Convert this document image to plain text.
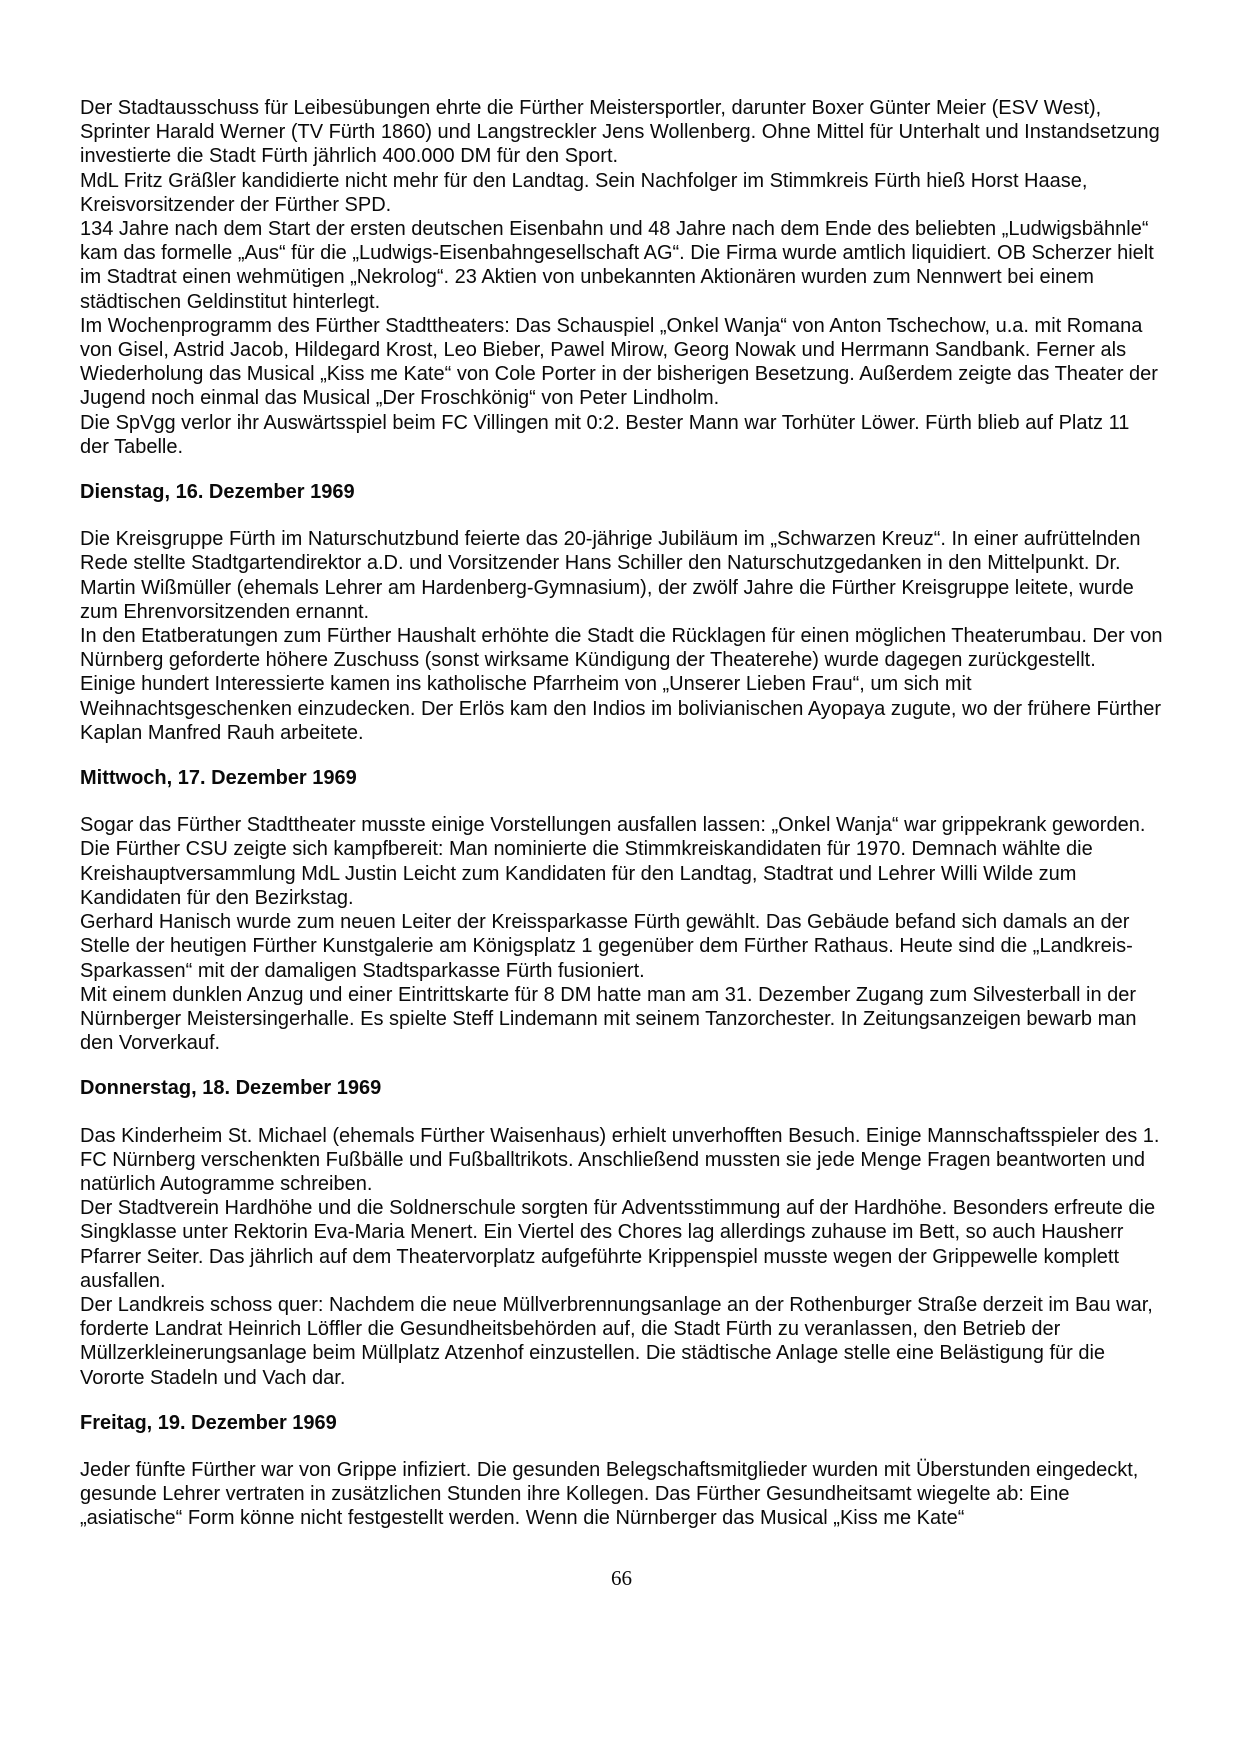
Der Stadtausschuss für Leibesübungen ehrte die Fürther Meistersportler, darunter Boxer Günter Meier (ESV West), Sprinter Harald Werner (TV Fürth 1860) und Langstreckler Jens Wollenberg. Ohne Mittel für Unterhalt und Instandsetzung investierte die Stadt Fürth jährlich 400.000 DM für den Sport.

MdL Fritz Gräßler kandidierte nicht mehr für den Landtag. Sein Nachfolger im Stimmkreis Fürth hieß Horst Haase, Kreisvorsitzender der Fürther SPD.

134 Jahre nach dem Start der ersten deutschen Eisenbahn und 48 Jahre nach dem Ende des beliebten „Ludwigsbähnle“ kam das formelle „Aus“ für die „Ludwigs-Eisenbahngesellschaft AG“. Die Firma wurde amtlich liquidiert. OB Scherzer hielt im Stadtrat einen wehmütigen „Nekrolog“. 23 Aktien von unbekannten Aktionären wurden zum Nennwert bei einem städtischen Geldinstitut hinterlegt.

Im Wochenprogramm des Fürther Stadttheaters: Das Schauspiel „Onkel Wanja“ von Anton Tschechow, u.a. mit Romana von Gisel, Astrid Jacob, Hildegard Krost, Leo Bieber, Pawel Mirow, Georg Nowak und Herrmann Sandbank. Ferner als Wiederholung das Musical „Kiss me Kate“ von Cole Porter in der bisherigen Besetzung. Außerdem zeigte das Theater der Jugend noch einmal das Musical „Der Froschkönig“ von Peter Lindholm.

Die SpVgg verlor ihr Auswärtsspiel beim FC Villingen mit 0:2. Bester Mann war Torhüter Löwer. Fürth blieb auf Platz 11 der Tabelle.

Dienstag, 16. Dezember 1969

Die Kreisgruppe Fürth im Naturschutzbund feierte das 20-jährige Jubiläum im „Schwarzen Kreuz“. In einer aufrüttelnden Rede stellte Stadtgartendirektor a.D. und Vorsitzender Hans Schiller den Naturschutzgedanken in den Mittelpunkt. Dr. Martin Wißmüller (ehemals Lehrer am Hardenberg-Gymnasium), der zwölf Jahre die Fürther Kreisgruppe leitete, wurde zum Ehrenvorsitzenden ernannt.

In den Etatberatungen zum Fürther Haushalt erhöhte die Stadt die Rücklagen für einen möglichen Theaterumbau. Der von Nürnberg geforderte höhere Zuschuss (sonst wirksame Kündigung der Theaterehe) wurde dagegen zurückgestellt.

Einige hundert Interessierte kamen ins katholische Pfarrheim von „Unserer Lieben Frau“, um sich mit Weihnachtsgeschenken einzudecken. Der Erlös kam den Indios im bolivianischen Ayopaya zugute, wo der frühere Fürther Kaplan Manfred Rauh arbeitete.

Mittwoch, 17. Dezember 1969

Sogar das Fürther Stadttheater musste einige Vorstellungen ausfallen lassen: „Onkel Wanja“ war grippekrank geworden.

Die Fürther CSU zeigte sich kampfbereit: Man nominierte die Stimmkreiskandidaten für 1970. Demnach wählte die Kreishauptversammlung MdL Justin Leicht zum Kandidaten für den Landtag, Stadtrat und Lehrer Willi Wilde zum Kandidaten für den Bezirkstag.

Gerhard Hanisch wurde zum neuen Leiter der Kreissparkasse Fürth gewählt. Das Gebäude befand sich damals an der Stelle der heutigen Fürther Kunstgalerie am Königsplatz 1 gegenüber dem Fürther Rathaus. Heute sind die „Landkreis-Sparkassen“ mit der damaligen Stadtsparkasse Fürth fusioniert.

Mit einem dunklen Anzug und einer Eintrittskarte für 8 DM hatte man am 31. Dezember Zugang zum Silvesterball in der Nürnberger Meistersingerhalle. Es spielte Steff Lindemann mit seinem Tanzorchester. In Zeitungsanzeigen bewarb man den Vorverkauf.

Donnerstag, 18. Dezember 1969

Das Kinderheim St. Michael (ehemals Fürther Waisenhaus) erhielt unverhofften Besuch. Einige Mannschaftsspieler des 1. FC Nürnberg verschenkten Fußbälle und Fußballtrikots. Anschließend mussten sie jede Menge Fragen beantworten und natürlich Autogramme schreiben.

Der Stadtverein Hardhöhe und die Soldnerschule sorgten für Adventsstimmung auf der Hardhöhe. Besonders erfreute die Singklasse unter Rektorin Eva-Maria Menert. Ein Viertel des Chores lag allerdings zuhause im Bett, so auch Hausherr Pfarrer Seiter. Das jährlich auf dem Theatervorplatz aufgeführte Krippenspiel musste wegen der Grippewelle komplett ausfallen.

Der Landkreis schoss quer: Nachdem die neue Müllverbrennungsanlage an der Rothenburger Straße derzeit im Bau war, forderte Landrat Heinrich Löffler die Gesundheitsbehörden auf, die Stadt Fürth zu veranlassen, den Betrieb der Müllzerkleinerungsanlage beim Müllplatz Atzenhof einzustellen. Die städtische Anlage stelle eine Belästigung für die Vororte Stadeln und Vach dar.

Freitag, 19. Dezember 1969

Jeder fünfte Fürther war von Grippe infiziert. Die gesunden Belegschaftsmitglieder wurden mit Überstunden eingedeckt, gesunde Lehrer vertraten in zusätzlichen Stunden ihre Kollegen. Das Fürther Gesundheitsamt wiegelte ab: Eine „asiatische“ Form könne nicht festgestellt werden. Wenn die Nürnberger das Musical „Kiss me Kate“

66
